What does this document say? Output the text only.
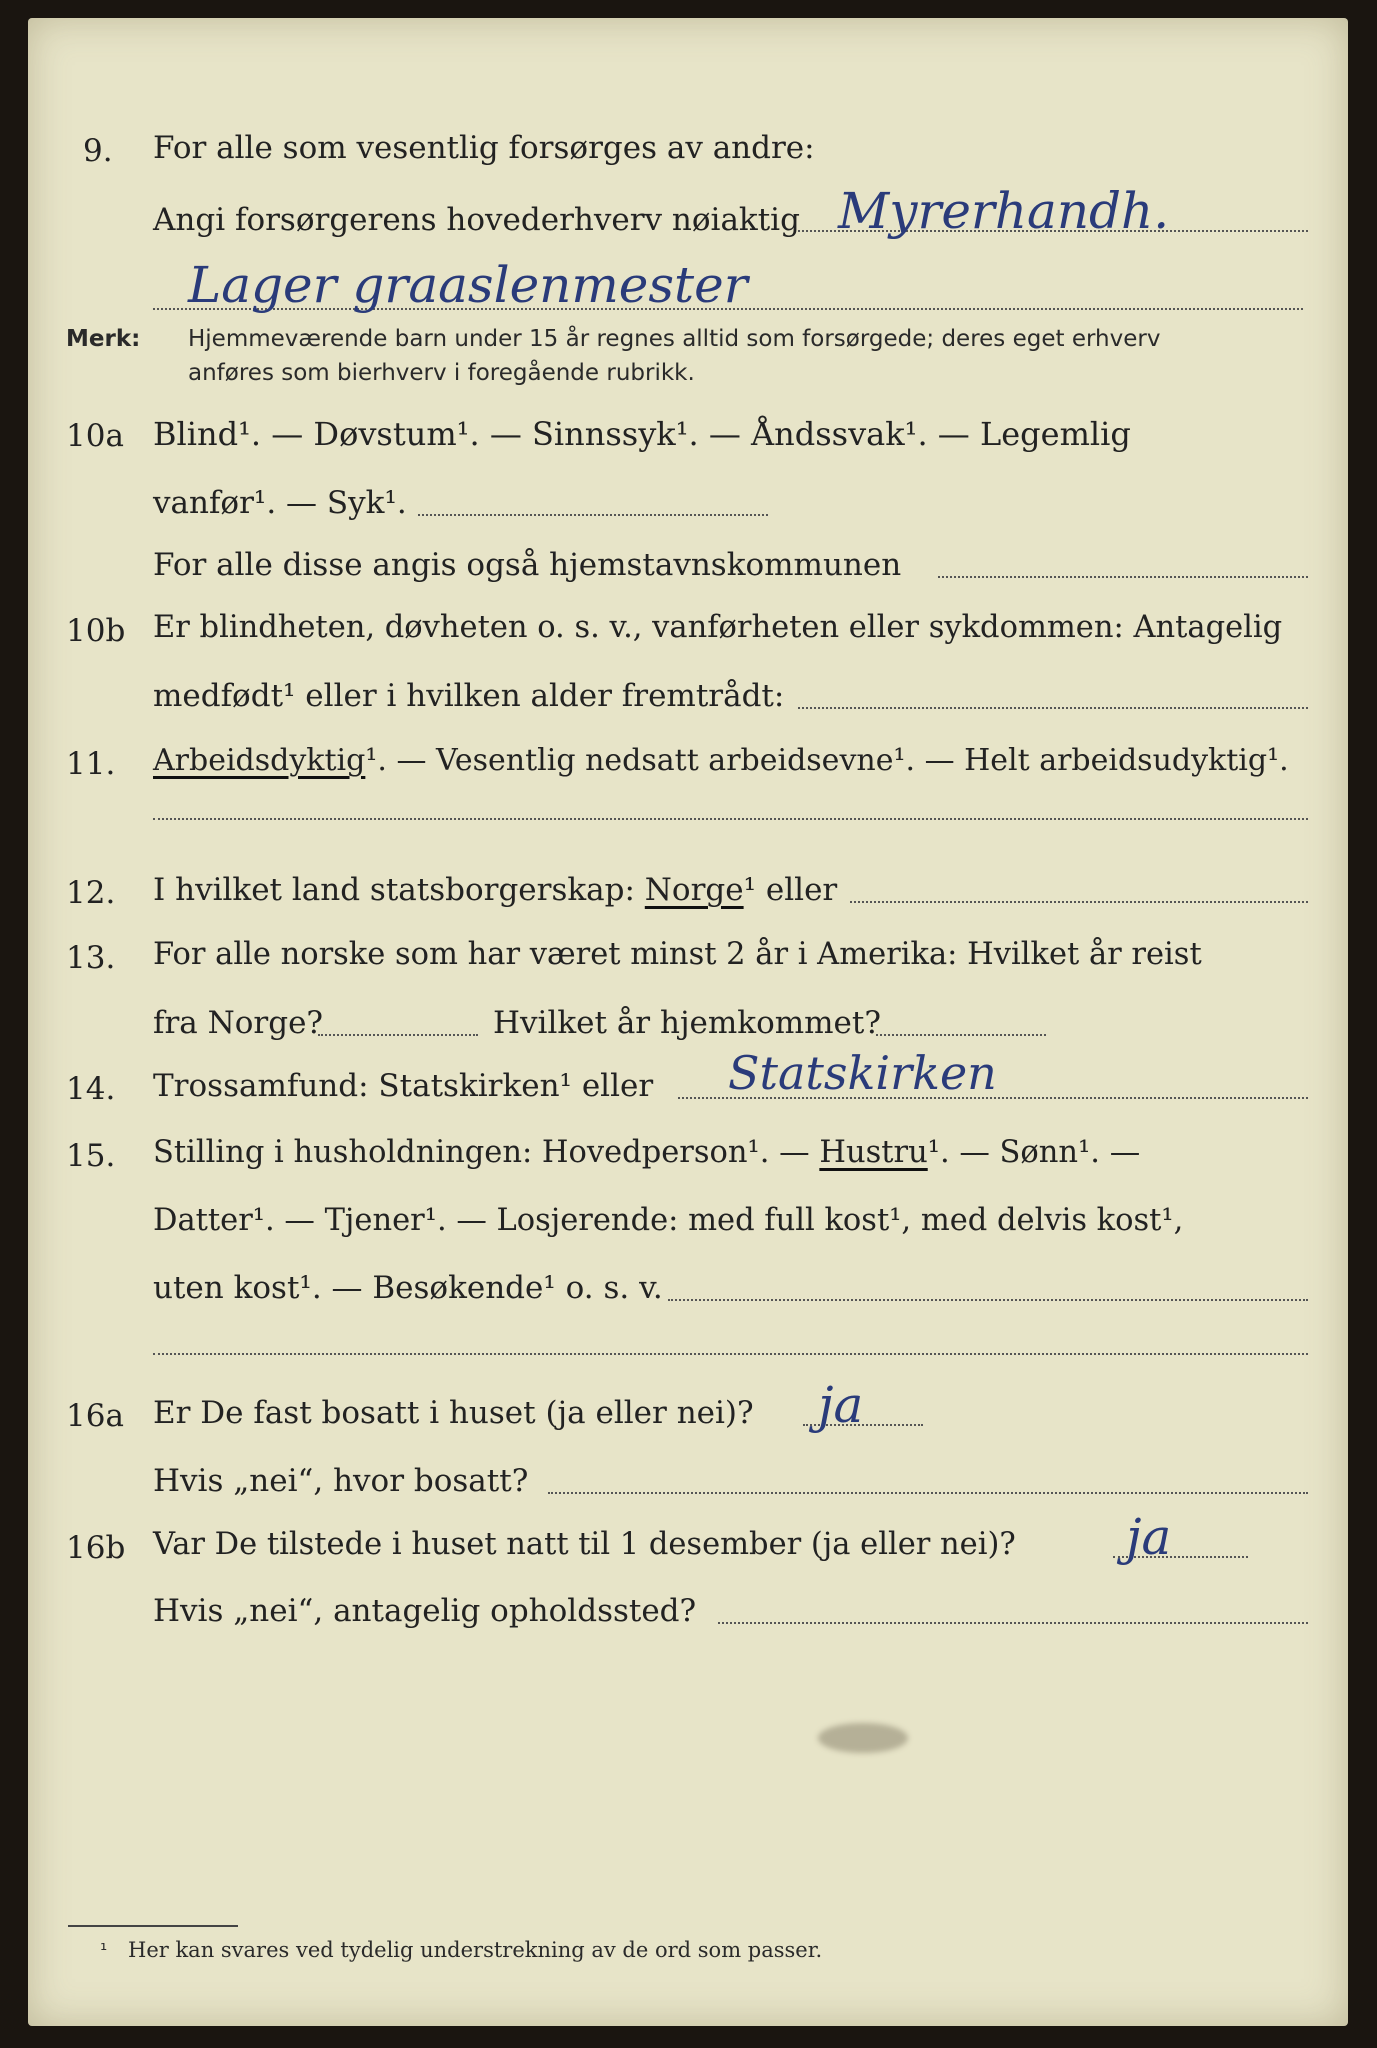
9. For alle som vesentlig forsørges av andre:
Angi forsørgerens hovederhverv nøiaktig Myrerhandh.
Lager graaslenmester
Merk: Hjemmeværende barn under 15 år regnes alltid som forsørgede; deres eget erhverv
anføres som bierhverv i foregående rubrikk.
10a Blind¹. — Døvstum¹. — Sinnssyk¹. — Åndssvak¹. — Legemlig
vanfør¹. — Syk¹.
For alle disse angis også hjemstavnskommunen
10b Er blindheten, døvheten o. s. v., vanførheten eller sykdommen: Antagelig
medfødt¹ eller i hvilken alder fremtrådt:
11. Arbeidsdyktig¹. — Vesentlig nedsatt arbeidsevne¹. — Helt arbeidsudyktig¹.
12. I hvilket land statsborgerskap: Norge¹ eller
13. For alle norske som har været minst 2 år i Amerika: Hvilket år reist
fra Norge?	Hvilket år hjemkommet?
14. Trossamfund: Statskirken¹ eller Statskirken
15. Stilling i husholdningen: Hovedperson¹. — Hustru¹. — Sønn¹. —
Datter¹. — Tjener¹. — Losjerende: med full kost¹, med delvis kost¹,
uten kost¹. — Besøkende¹ o. s. v.
16a Er De fast bosatt i huset (ja eller nei)? ja
Hvis „nei“, hvor bosatt?
16b Var De tilstede i huset natt til 1 desember (ja eller nei)? ja
Hvis „nei“, antagelig opholdssted?
¹ Her kan svares ved tydelig understrekning av de ord som passer.
